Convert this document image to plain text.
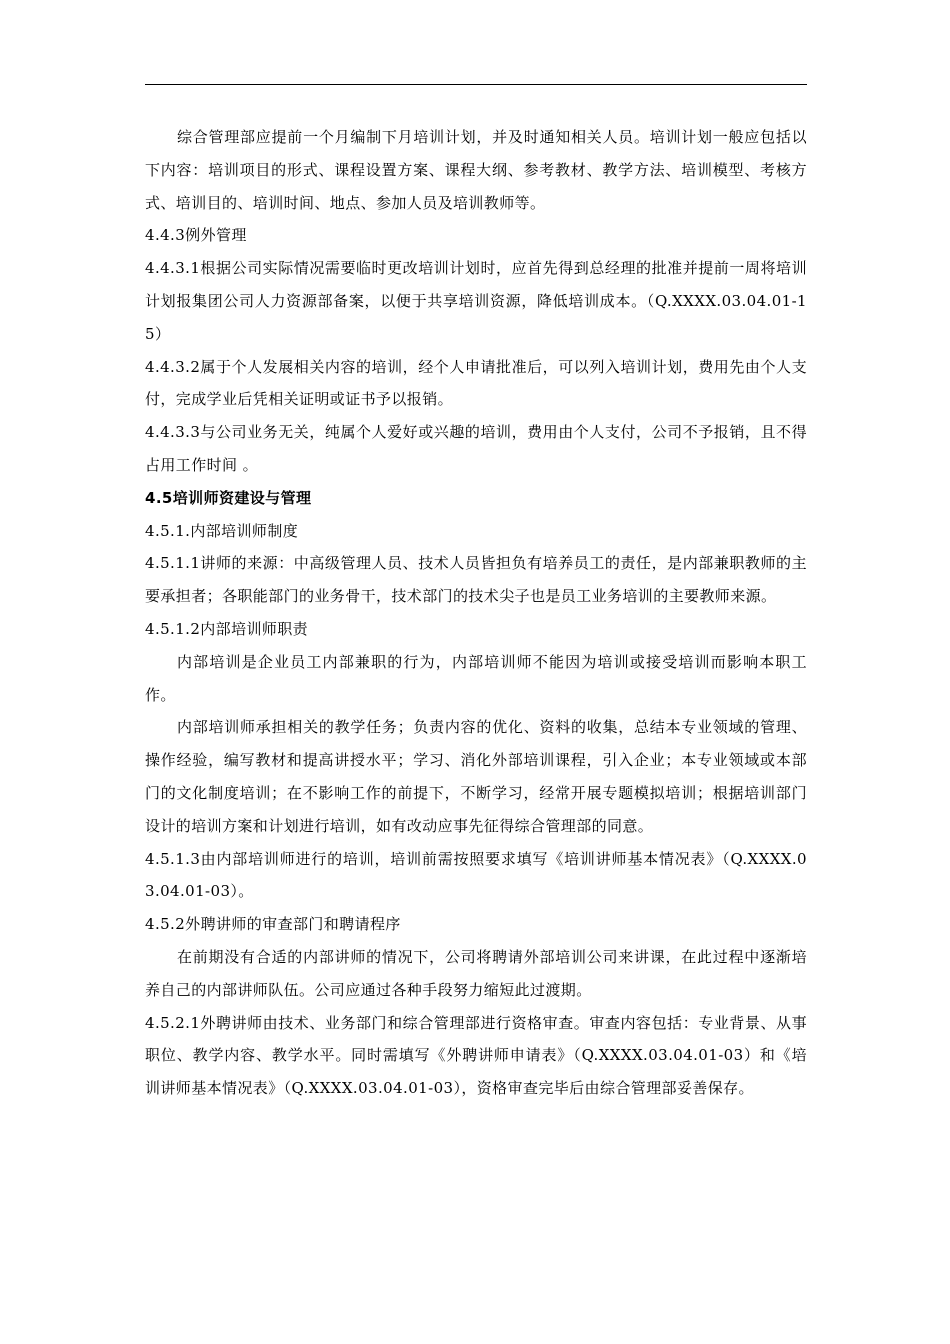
综合管理部应提前一个月编制下月培训计划，并及时通知相关人员。培训计划一般应包括以下内容：培训项目的形式、课程设置方案、课程大纲、参考教材、教学方法、培训模型、考核方式、培训目的、培训时间、地点、参加人员及培训教师等。

4.4.3例外管理

4.4.3.1根据公司实际情况需要临时更改培训计划时，应首先得到总经理的批准并提前一周将培训计划报集团公司人力资源部备案，以便于共享培训资源，降低培训成本。（Q.XXXX.03.04.01-15）

4.4.3.2属于个人发展相关内容的培训，经个人申请批准后，可以列入培训计划，费用先由个人支付，完成学业后凭相关证明或证书予以报销。

4.4.3.3与公司业务无关，纯属个人爱好或兴趣的培训，费用由个人支付，公司不予报销，且不得占用工作时间 。

4.5培训师资建设与管理

4.5.1.内部培训师制度

4.5.1.1讲师的来源：中高级管理人员、技术人员皆担负有培养员工的责任，是内部兼职教师的主要承担者；各职能部门的业务骨干，技术部门的技术尖子也是员工业务培训的主要教师来源。

4.5.1.2内部培训师职责

内部培训是企业员工内部兼职的行为，内部培训师不能因为培训或接受培训而影响本职工作。

内部培训师承担相关的教学任务；负责内容的优化、资料的收集，总结本专业领域的管理、操作经验，编写教材和提高讲授水平；学习、消化外部培训课程，引入企业；本专业领域或本部门的文化制度培训；在不影响工作的前提下，不断学习，经常开展专题模拟培训；根据培训部门设计的培训方案和计划进行培训，如有改动应事先征得综合管理部的同意。

4.5.1.3由内部培训师进行的培训，培训前需按照要求填写《培训讲师基本情况表》（Q.XXXX.03.04.01-03）。

4.5.2外聘讲师的审查部门和聘请程序

在前期没有合适的内部讲师的情况下，公司将聘请外部培训公司来讲课，在此过程中逐渐培养自己的内部讲师队伍。公司应通过各种手段努力缩短此过渡期。

4.5.2.1外聘讲师由技术、业务部门和综合管理部进行资格审查。审查内容包括：专业背景、从事职位、教学内容、教学水平。同时需填写《外聘讲师申请表》（Q.XXXX.03.04.01-03）和《培训讲师基本情况表》（Q.XXXX.03.04.01-03），资格审查完毕后由综合管理部妥善保存。
